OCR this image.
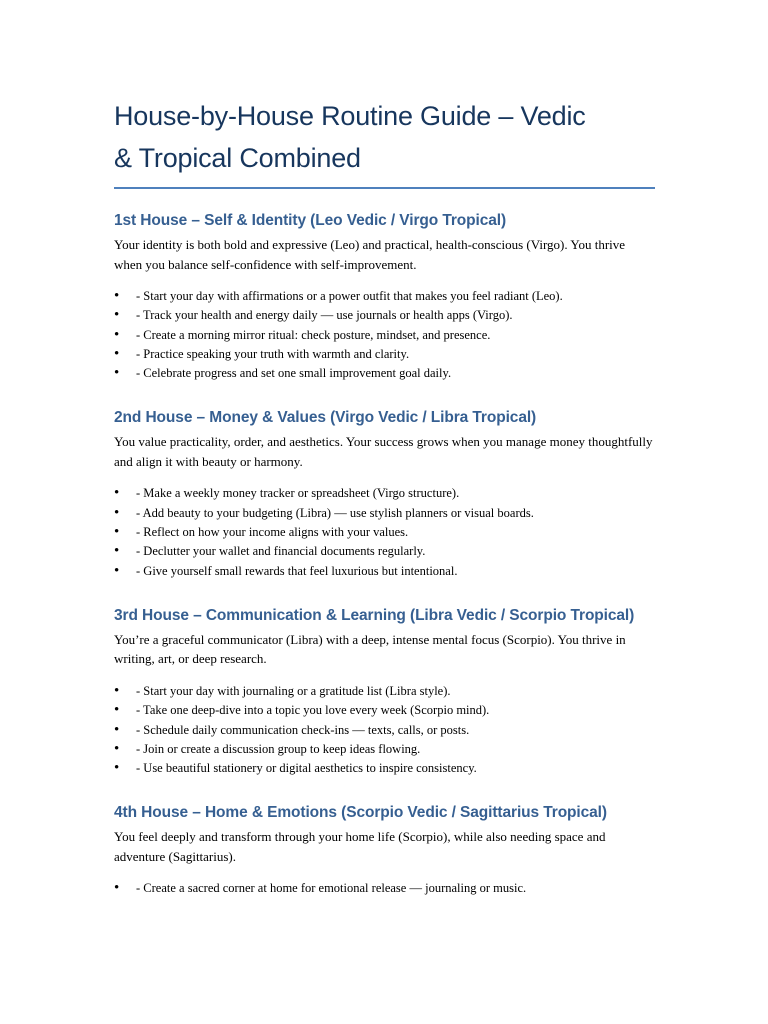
House-by-House Routine Guide – Vedic
& Tropical Combined
1st House – Self & Identity (Leo Vedic / Virgo Tropical)

Your identity is both bold and expressive (Leo) and practical, health-conscious (Virgo). You thrive when you balance self-confidence with self-improvement.

• - Start your day with affirmations or a power outfit that makes you feel radiant (Leo).
• - Track your health and energy daily — use journals or health apps (Virgo).
• - Create a morning mirror ritual: check posture, mindset, and presence.
• - Practice speaking your truth with warmth and clarity.
• - Celebrate progress and set one small improvement goal daily.
2nd House – Money & Values (Virgo Vedic / Libra Tropical)

You value practicality, order, and aesthetics. Your success grows when you manage money thoughtfully and align it with beauty or harmony.

• - Make a weekly money tracker or spreadsheet (Virgo structure).
• - Add beauty to your budgeting (Libra) — use stylish planners or visual boards.
• - Reflect on how your income aligns with your values.
• - Declutter your wallet and financial documents regularly.
• - Give yourself small rewards that feel luxurious but intentional.
3rd House – Communication & Learning (Libra Vedic / Scorpio Tropical)

You’re a graceful communicator (Libra) with a deep, intense mental focus (Scorpio). You thrive in writing, art, or deep research.

• - Start your day with journaling or a gratitude list (Libra style).
• - Take one deep-dive into a topic you love every week (Scorpio mind).
• - Schedule daily communication check-ins — texts, calls, or posts.
• - Join or create a discussion group to keep ideas flowing.
• - Use beautiful stationery or digital aesthetics to inspire consistency.
4th House – Home & Emotions (Scorpio Vedic / Sagittarius Tropical)

You feel deeply and transform through your home life (Scorpio), while also needing space and adventure (Sagittarius).

• - Create a sacred corner at home for emotional release — journaling or music.
